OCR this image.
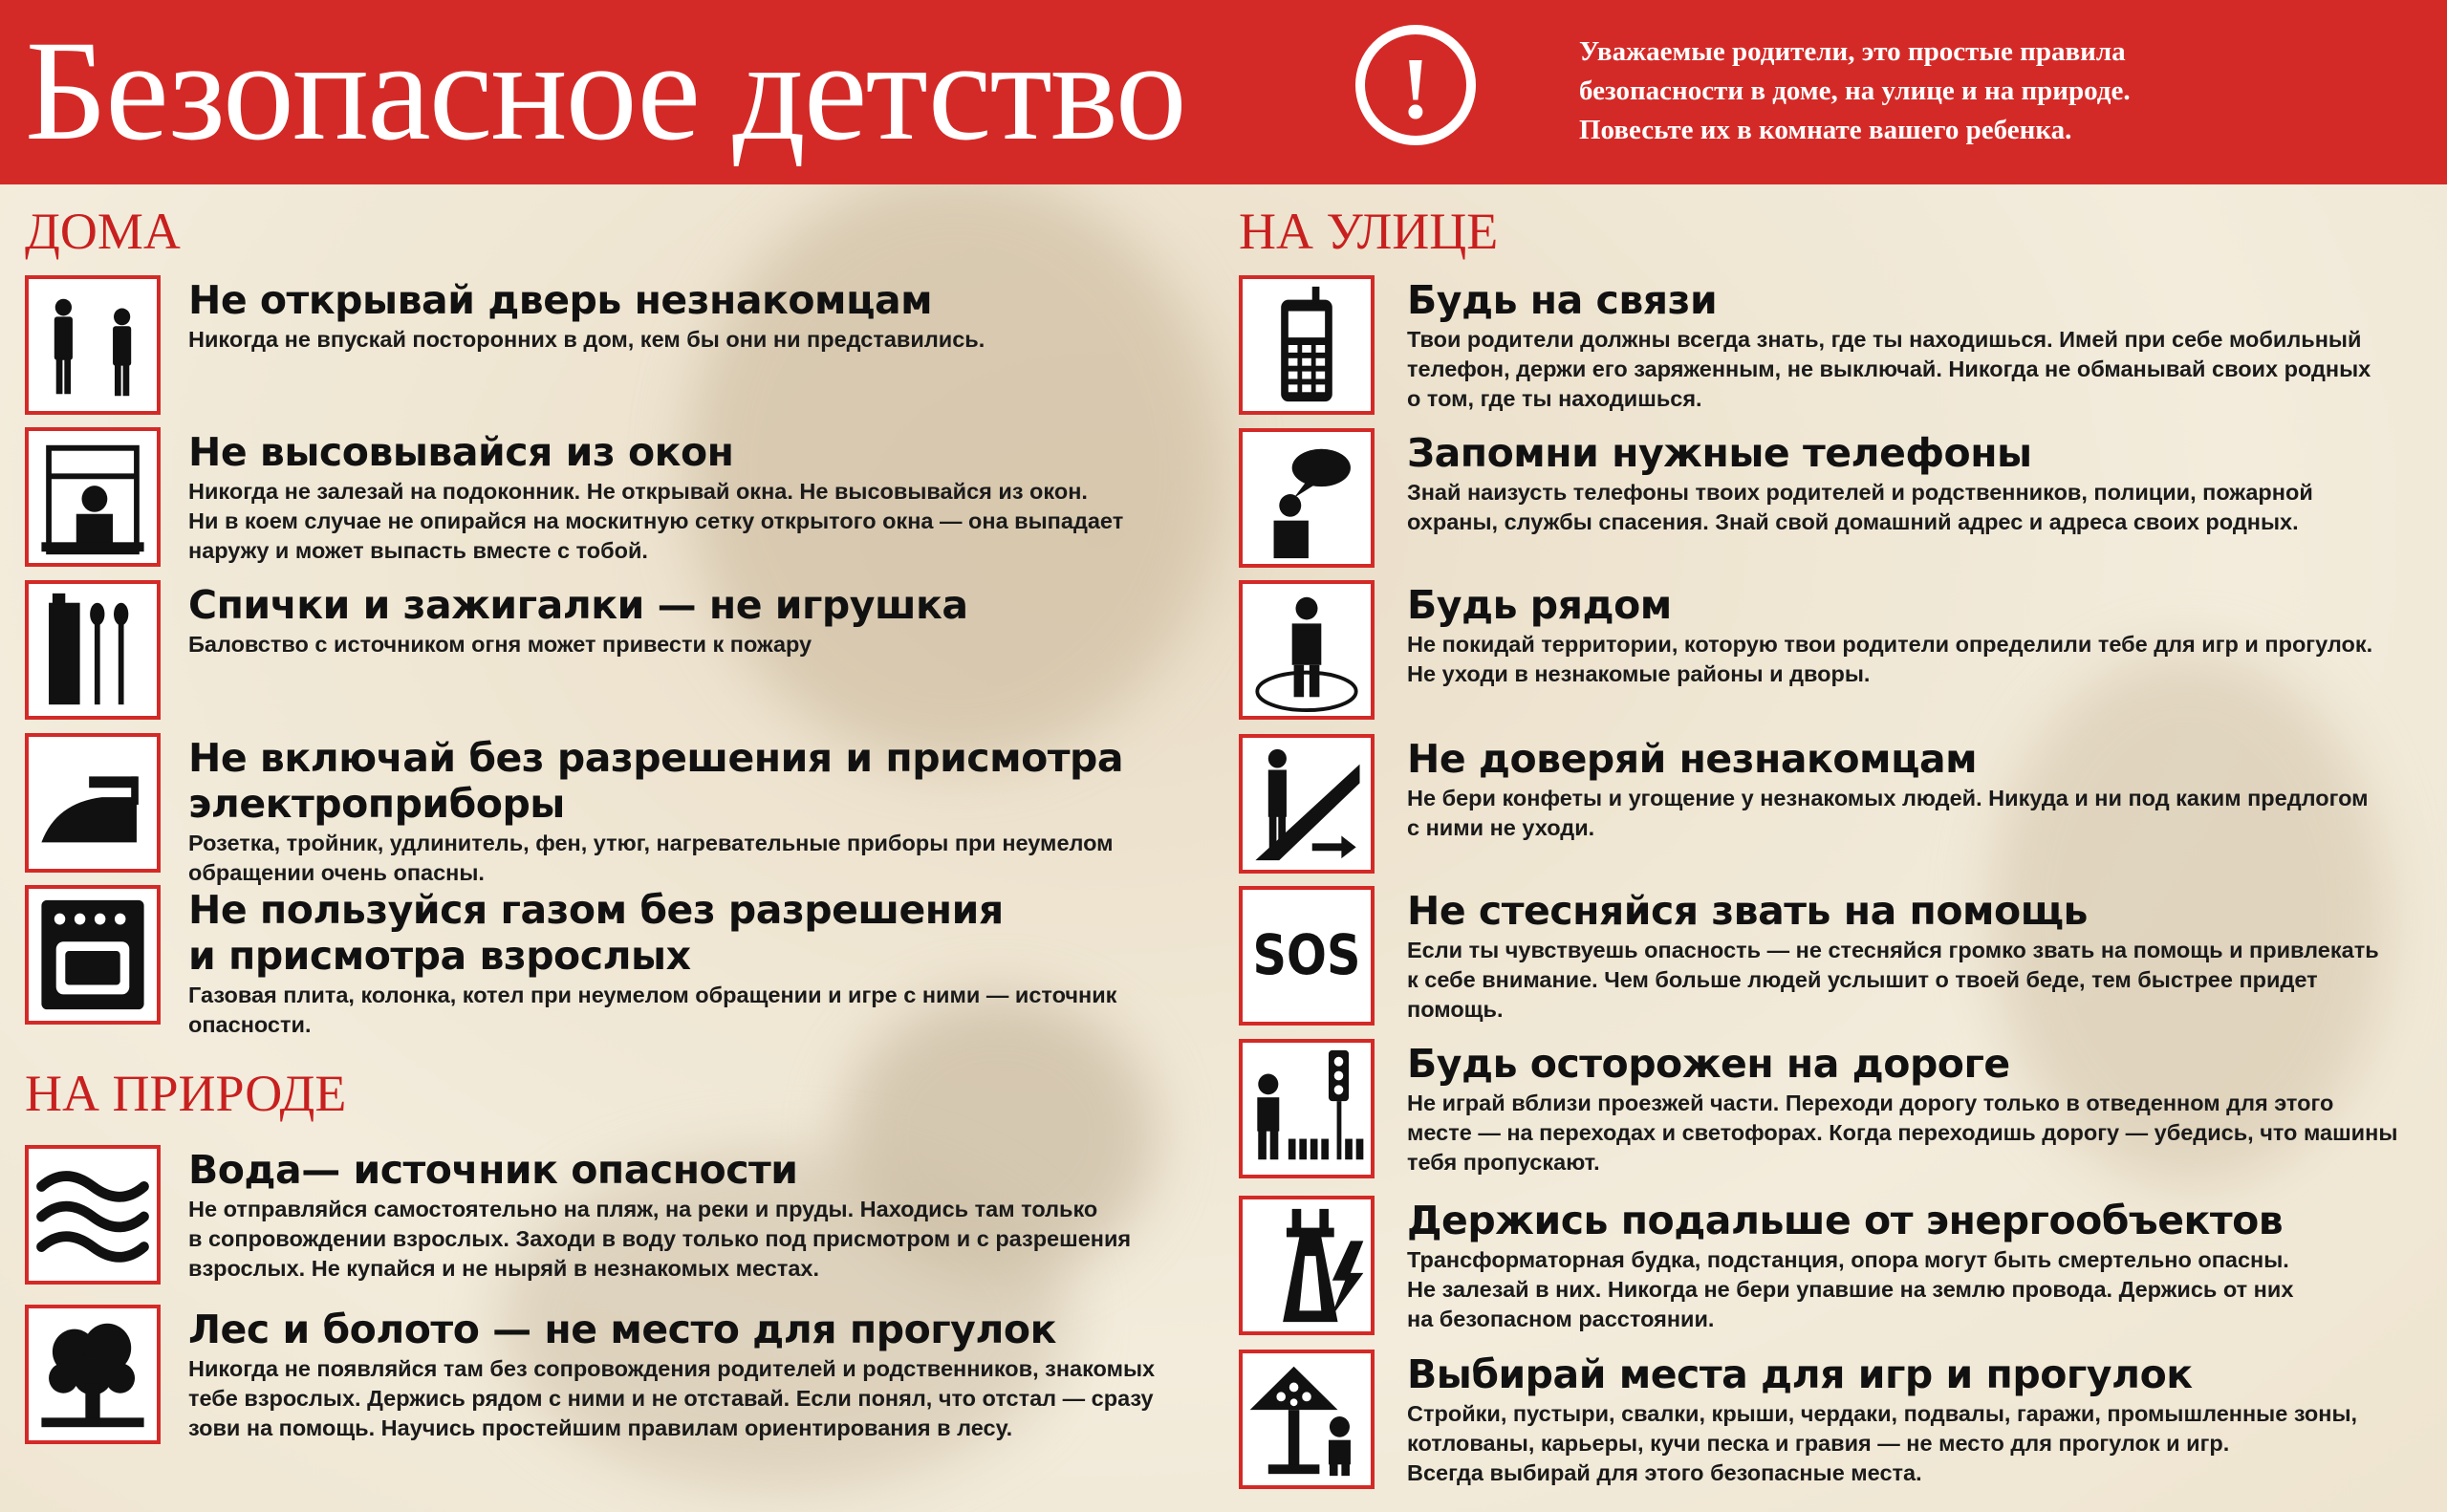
Безопасное детство	!	Уважаемые родители, это простые правила
безопасности в доме, на улице и на природе.
Повесьте их в комнате вашего ребенка.
ДОМА
НА ПРИРОДЕ
НА УЛИЦЕ
Не открывай дверь незнакомцам
Никогда не впускай посторонних в дом, кем бы они ни представились.
Не высовывайся из окон
Никогда не залезай на подоконник. Не открывай окна. Не высовывайся из окон.
Ни в коем случае не опирайся на москитную сетку открытого окна — она выпадает
наружу и может выпасть вместе с тобой.
Спички и зажигалки — не игрушка
Баловство с источником огня может привести к пожару
Не включай без разрешения и присмотра
электроприборы
Розетка, тройник, удлинитель, фен, утюг, нагревательные приборы при неумелом
обращении очень опасны.
Не пользуйся газом без разрешения
и присмотра взрослых
Газовая плита, колонка, котел при неумелом обращении и игре с ними — источник
опасности.
Вода— источник опасности
Не отправляйся самостоятельно на пляж, на реки и пруды. Находись там только
в сопровождении взрослых. Заходи в воду только под присмотром и с разрешения
взрослых. Не купайся и не ныряй в незнакомых местах.
Лес и болото — не место для прогулок
Никогда не появляйся там без сопровождения родителей и родственников, знакомых
тебе взрослых. Держись рядом с ними и не отставай. Если понял, что отстал — сразу
зови на помощь. Научись простейшим правилам ориентирования в лесу.
Будь на связи
Твои родители должны всегда знать, где ты находишься. Имей при себе мобильный
телефон, держи его заряженным, не выключай. Никогда не обманывай своих родных
о том, где ты находишься.
Запомни нужные телефоны
Знай наизусть телефоны твоих родителей и родственников, полиции, пожарной
охраны, службы спасения. Знай свой домашний адрес и адреса своих родных.
Будь рядом
Не покидай территории, которую твои родители определили тебе для игр и прогулок.
Не уходи в незнакомые районы и дворы.
Не доверяй незнакомцам
Не бери конфеты и угощение у незнакомых людей. Никуда и ни под каким предлогом
с ними не уходи.
SOS
Не стесняйся звать на помощь
Если ты чувствуешь опасность — не стесняйся громко звать на помощь и привлекать
к себе внимание. Чем больше людей услышит о твоей беде, тем быстрее придет
помощь.
Будь осторожен на дороге
Не играй вблизи проезжей части. Переходи дорогу только в отведенном для этого
месте — на переходах и светофорах. Когда переходишь дорогу — убедись, что машины
тебя пропускают.
Держись подальше от энергообъектов
Трансформаторная будка, подстанция, опора могут быть смертельно опасны.
Не залезай в них. Никогда не бери упавшие на землю провода. Держись от них
на безопасном расстоянии.
Выбирай места для игр и прогулок
Стройки, пустыри, свалки, крыши, чердаки, подвалы, гаражи, промышленные зоны,
котлованы, карьеры, кучи песка и гравия — не место для прогулок и игр.
Всегда выбирай для этого безопасные места.
